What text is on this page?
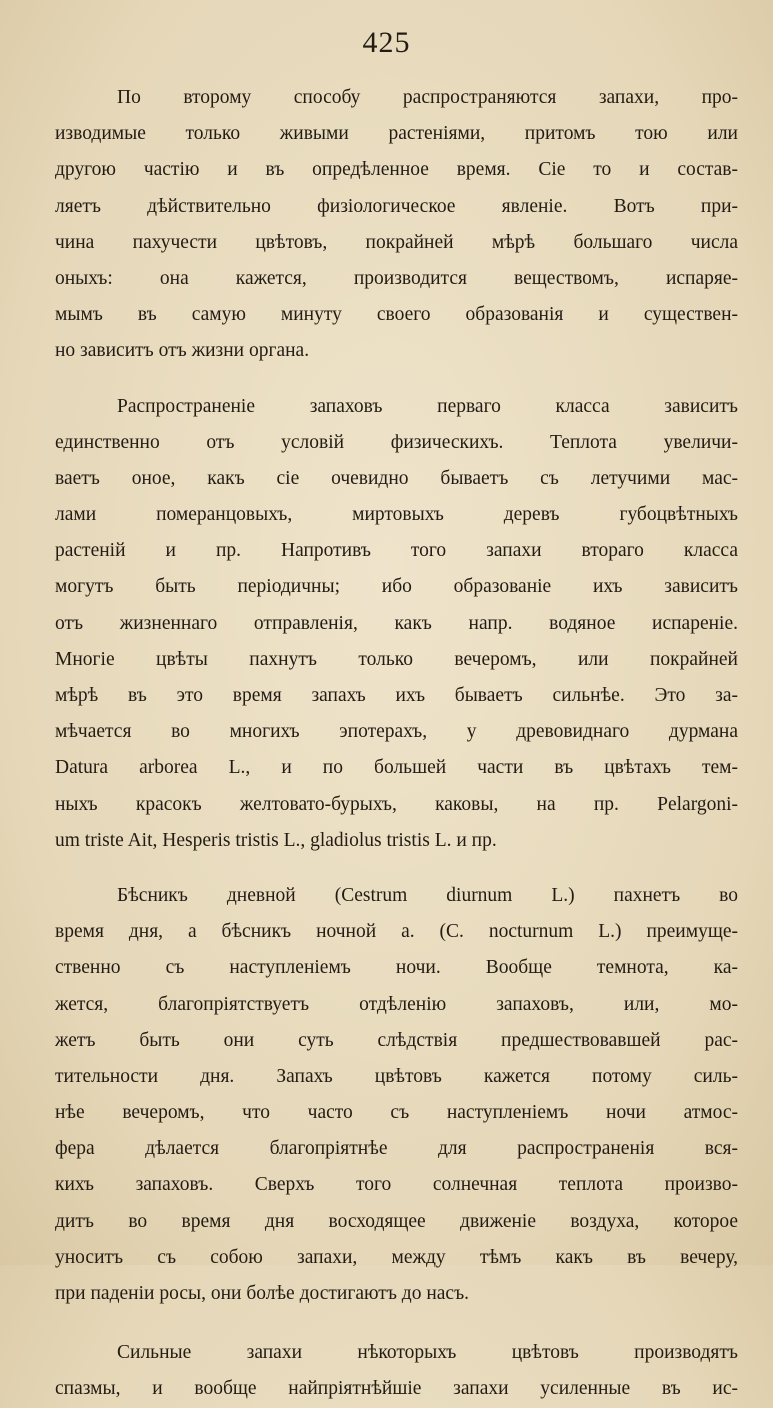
425
По второму способу распространяются запахи, про-
изводимые только живыми растеніями, притомъ тою или
другою частію и въ опредѣленное время. Сіе то и состав-
ляетъ дѣйствительно физіологическое явленіе. Вотъ при-
чина пахучести цвѣтовъ, покрайней мѣрѣ большаго числа
оныхъ: она кажется, производится веществомъ, испаряе-
мымъ въ самую минуту своего образованія и существен-
но зависитъ отъ жизни органа.
Распространеніе запаховъ перваго класса зависитъ
единственно отъ условій физическихъ. Теплота увеличи-
ваетъ оное, какъ сіе очевидно бываетъ съ летучими мас-
лами померанцовыхъ, миртовыхъ деревъ губоцвѣтныхъ
растеній и пр. Напротивъ того запахи втораго класса
могутъ быть періодичны; ибо образованіе ихъ зависитъ
отъ жизненнаго отправленія, какъ напр. водяное испареніе.
Многіе цвѣты пахнутъ только вечеромъ, или покрайней
мѣрѣ въ это время запахъ ихъ бываетъ сильнѣе. Это за-
мѣчается во многихъ эпотерахъ, у древовиднаго дурмана
Datura arborea L., и по большей части въ цвѣтахъ тем-
ныхъ красокъ желтовато-бурыхъ, каковы, на пр. Pelargoni-
um triste Ait, Hesperis tristis L., gladiolus tristis L. и пр.
Бѣсникъ дневной (Cestrum diurnum L.) пахнетъ во
время дня, а бѣсникъ ночной а. (C. nocturnum L.) преимуще-
ственно съ наступленіемъ ночи. Вообще темнота, ка-
жется, благопріятствуетъ отдѣленію запаховъ, или, мо-
жетъ быть они суть слѣдствія предшествовавшей рас-
тительности дня. Запахъ цвѣтовъ кажется потому силь-
нѣе вечеромъ, что часто съ наступленіемъ ночи атмос-
фера дѣлается благопріятнѣе для распространенія вся-
кихъ запаховъ. Сверхъ того солнечная теплота произво-
дитъ во время дня восходящее движеніе воздуха, которое
уноситъ съ собою запахи, между тѣмъ какъ въ вечеру,
при паденіи росы, они болѣе достигаютъ до насъ.
Сильные запахи нѣкоторыхъ цвѣтовъ производятъ
спазмы, и вообще найпріятнѣйшіе запахи усиленные въ ис-
